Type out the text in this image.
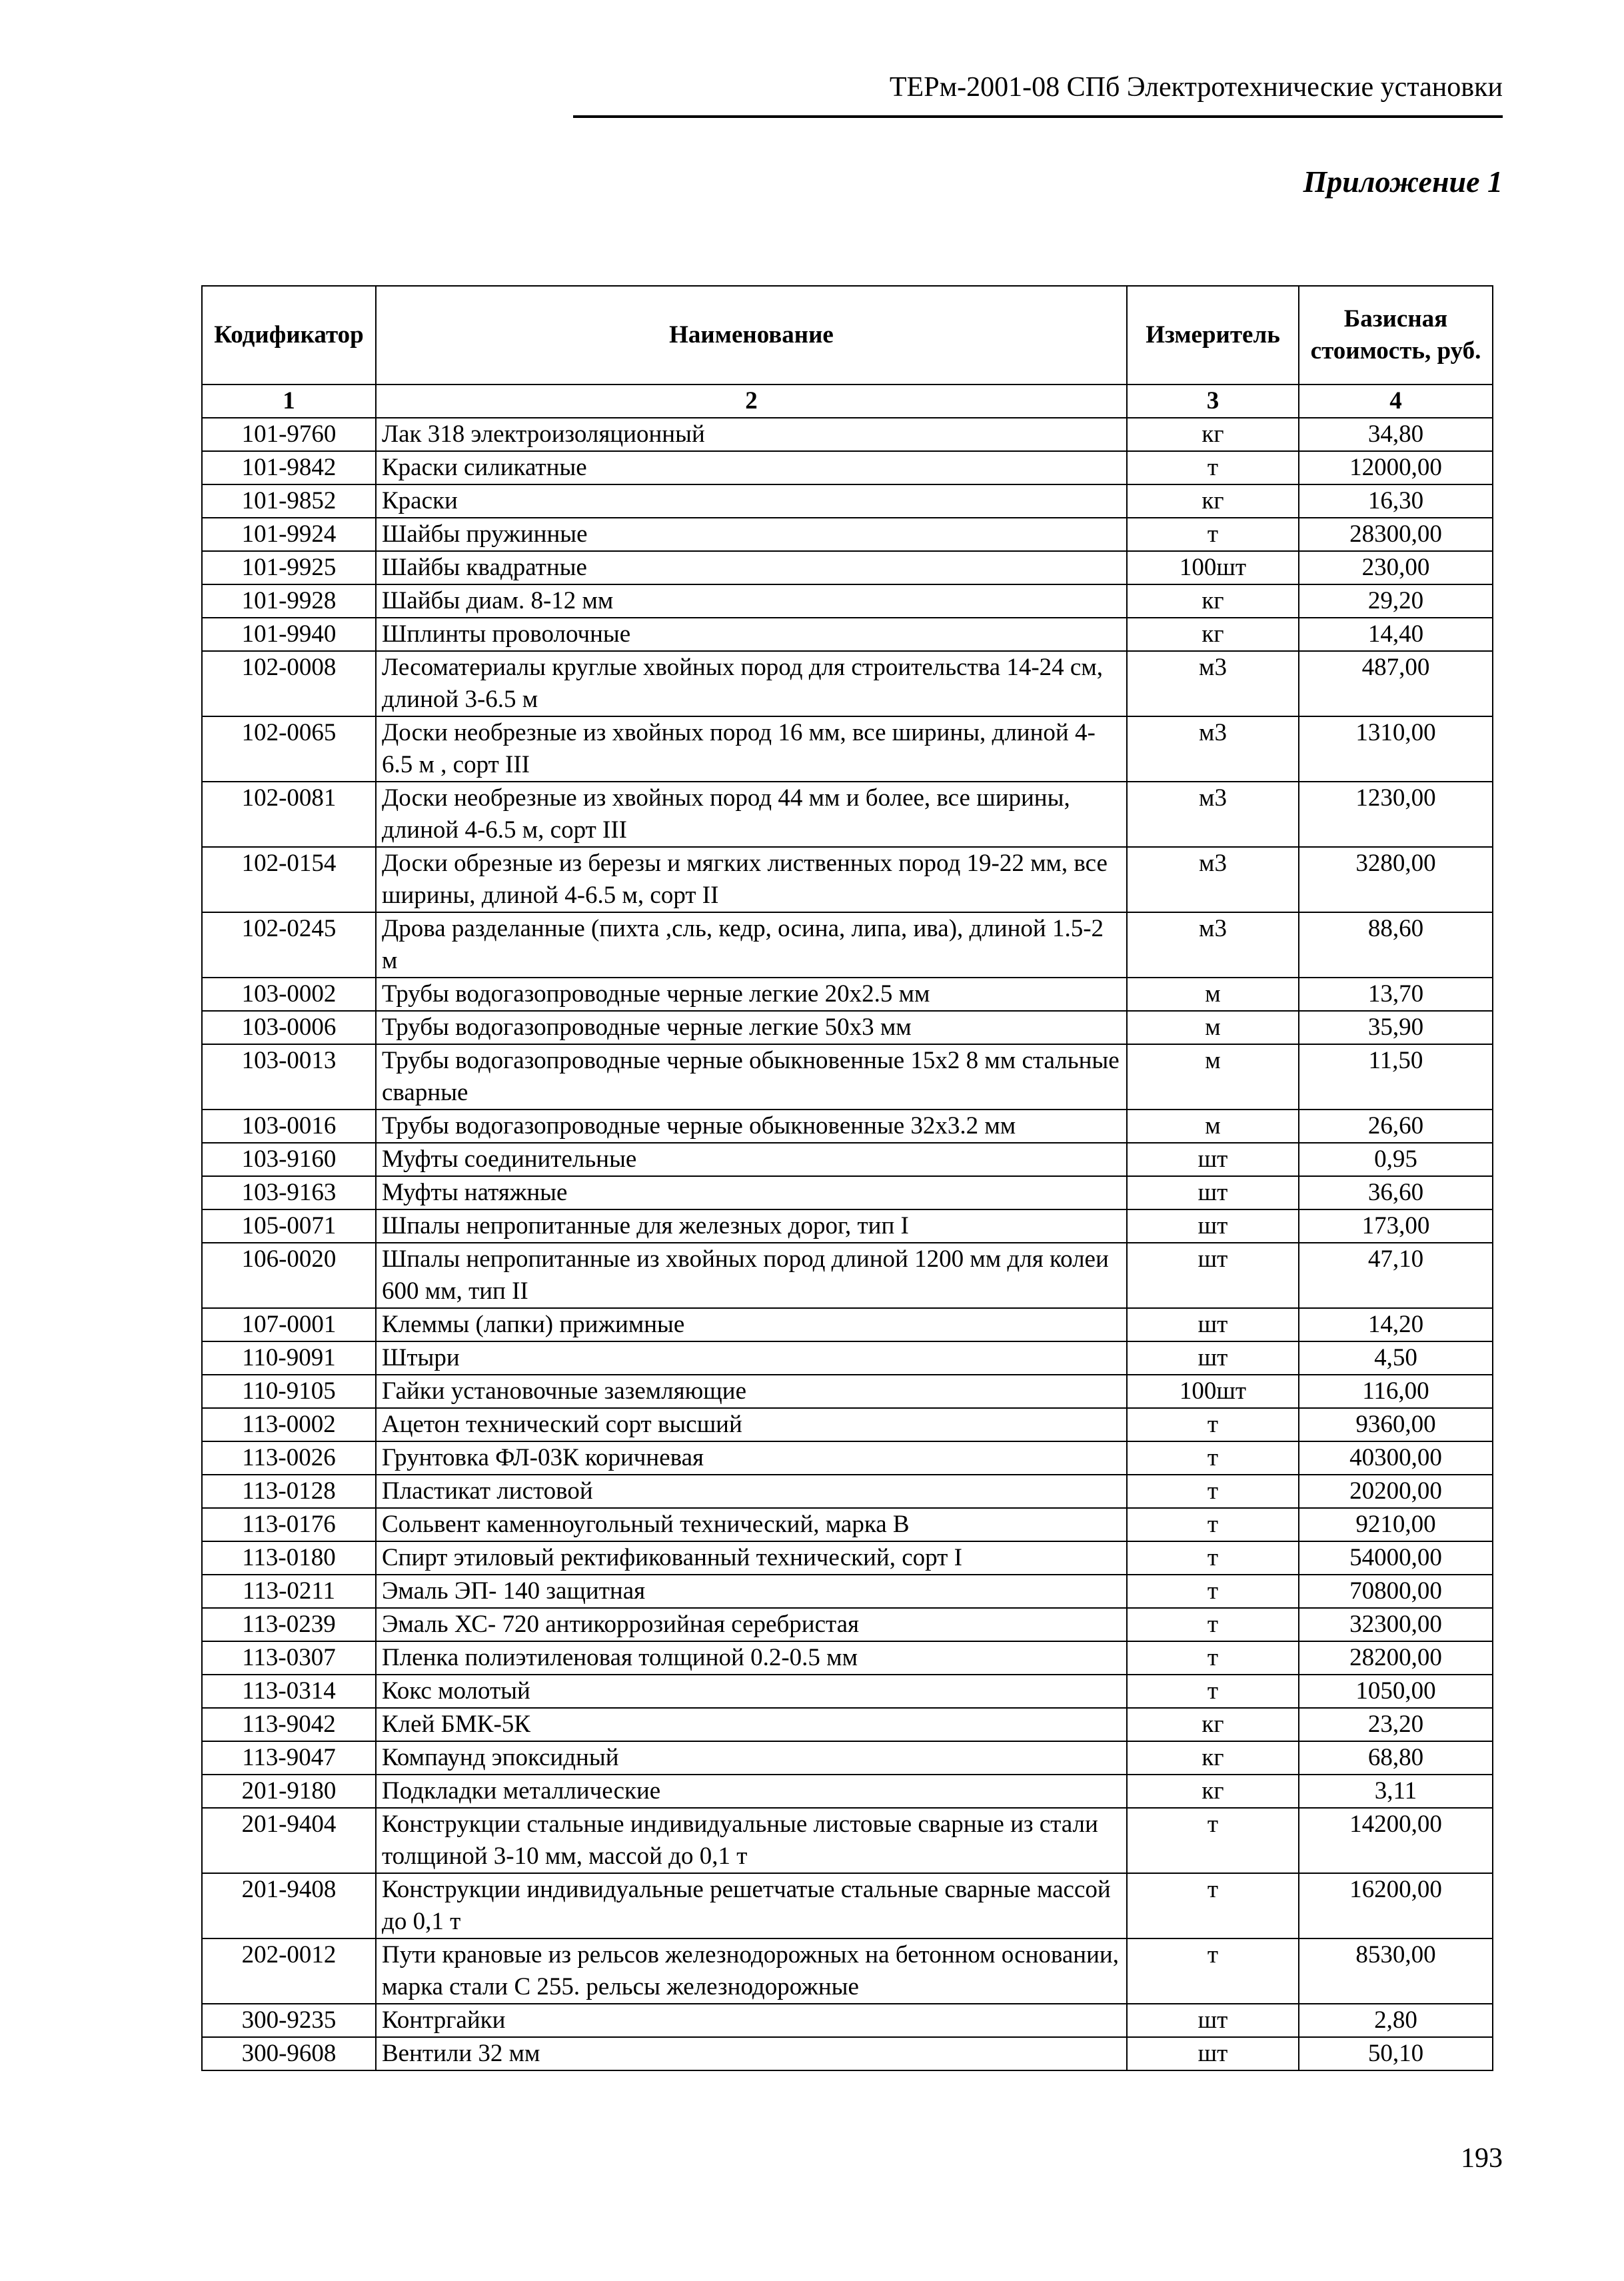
ТЕРм-2001-08 СПб Электротехнические установки
Приложение 1
Кодификатор	Наименование	Измеритель	Базисная стоимость, руб.
1	2	3	4
101-9760	Лак 318 электроизоляционный	кг	34,80
101-9842	Краски силикатные	т	12000,00
101-9852	Краски	кг	16,30
101-9924	Шайбы пружинные	т	28300,00
101-9925	Шайбы квадратные	100шт	230,00
101-9928	Шайбы диам. 8-12 мм	кг	29,20
101-9940	Шплинты проволочные	кг	14,40
102-0008	Лесоматериалы круглые хвойных пород для строительства 14-24 см, длиной 3-6.5 м	м3	487,00
102-0065	Доски необрезные из хвойных пород 16 мм, все ширины, длиной 4-6.5 м , сорт III	м3	1310,00
102-0081	Доски необрезные из хвойных пород 44 мм и более, все ширины, длиной 4-6.5 м, сорт III	м3	1230,00
102-0154	Доски обрезные из березы и мягких лиственных пород 19-22 мм, все ширины, длиной 4-6.5 м, сорт II	м3	3280,00
102-0245	Дрова разделанные (пихта ,сль, кедр, осина, липа, ива), длиной 1.5-2 м	м3	88,60
103-0002	Трубы водогазопроводные черные легкие 20х2.5 мм	м	13,70
103-0006	Трубы водогазопроводные черные легкие 50х3 мм	м	35,90
103-0013	Трубы водогазопроводные черные обыкновенные 15х2 8 мм стальные сварные	м	11,50
103-0016	Трубы водогазопроводные черные обыкновенные 32х3.2 мм	м	26,60
103-9160	Муфты соединительные	шт	0,95
103-9163	Муфты натяжные	шт	36,60
105-0071	Шпалы непропитанные для железных дорог, тип I	шт	173,00
106-0020	Шпалы непропитанные из хвойных пород длиной 1200 мм для колеи 600 мм, тип II	шт	47,10
107-0001	Клеммы (лапки) прижимные	шт	14,20
110-9091	Штыри	шт	4,50
110-9105	Гайки установочные заземляющие	100шт	116,00
113-0002	Ацетон технический сорт высший	т	9360,00
113-0026	Грунтовка ФЛ-03К коричневая	т	40300,00
113-0128	Пластикат листовой	т	20200,00
113-0176	Сольвент каменноугольный технический, марка В	т	9210,00
113-0180	Спирт этиловый ректификованный технический, сорт I	т	54000,00
113-0211	Эмаль ЭП- 140 защитная	т	70800,00
113-0239	Эмаль ХС- 720 антикоррозийная серебристая	т	32300,00
113-0307	Пленка полиэтиленовая толщиной 0.2-0.5 мм	т	28200,00
113-0314	Кокс молотый	т	1050,00
113-9042	Клей БМК-5К	кг	23,20
113-9047	Компаунд эпоксидный	кг	68,80
201-9180	Подкладки металлические	кг	3,11
201-9404	Конструкции стальные индивидуальные листовые сварные из стали толщиной 3-10 мм, массой до 0,1 т	т	14200,00
201-9408	Конструкции индивидуальные решетчатые стальные сварные массой до 0,1 т	т	16200,00
202-0012	Пути крановые из рельсов железнодорожных на бетонном основании, марка стали С 255. рельсы железнодорожные	т	8530,00
300-9235	Контргайки	шт	2,80
300-9608	Вентили 32 мм	шт	50,10
193
